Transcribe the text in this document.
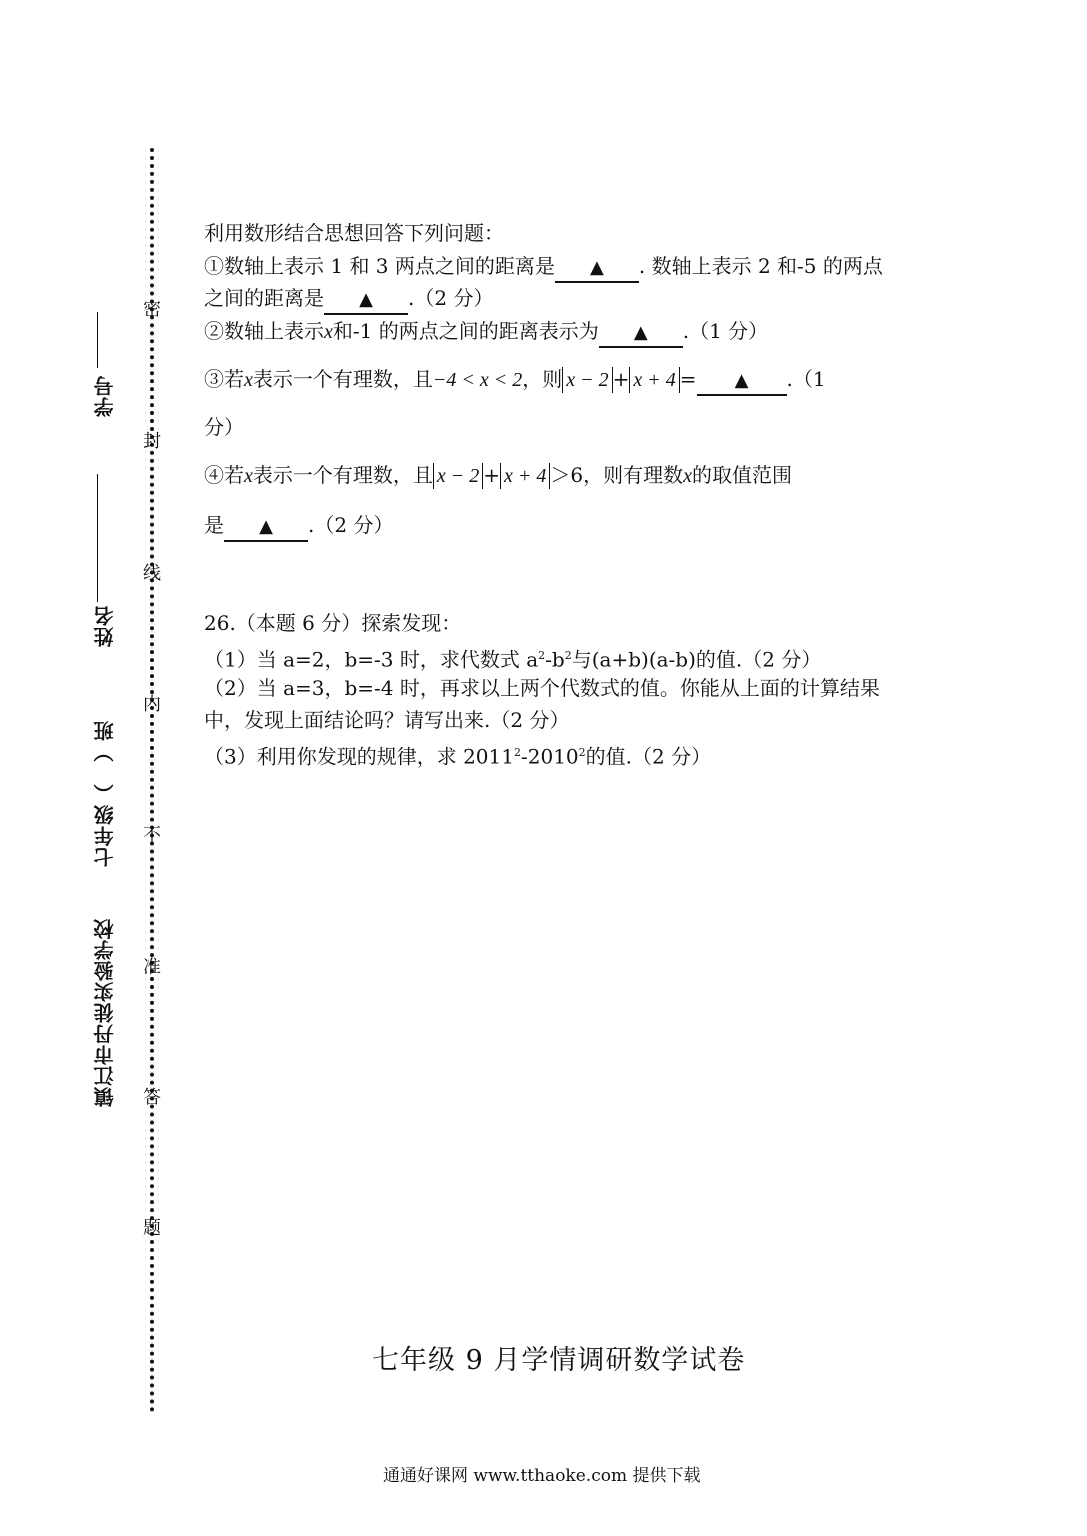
密
封
线
内
不
准
答
题
学号
姓名
七年级（　）班
镇江市丹徒实验学校
利用数形结合思想回答下列问题：
①数轴上表示 1 和 3 两点之间的距离是 ▲ . 数轴上表示 2 和-5 的两点
之间的距离是 ▲ .（2 分）
②数轴上表示x和-1 的两点之间的距离表示为 ▲ .（1 分）
③若x表示一个有理数，且−4 < x < 2，则 x − 2 + x + 4 = ▲ .（1
分）
④若x表示一个有理数，且 x − 2 + x + 4 ＞6，则有理数x的取值范围
是 ▲ .（2 分）
26.（本题 6 分）探索发现：
（1）当 a=2，b=-3 时，求代数式 $a^2-b^2$与(a+b)(a-b)的值.（2 分）
（2）当 a=3，b=-4 时，再求以上两个代数式的值。你能从上面的计算结果
中，发现上面结论吗？请写出来.（2 分）
（3）利用你发现的规律，求 2011$^2$-2010$^2$的值.（2 分）
七年级 9 月学情调研数学试卷
通通好课网 www.tthaoke.com 提供下载
